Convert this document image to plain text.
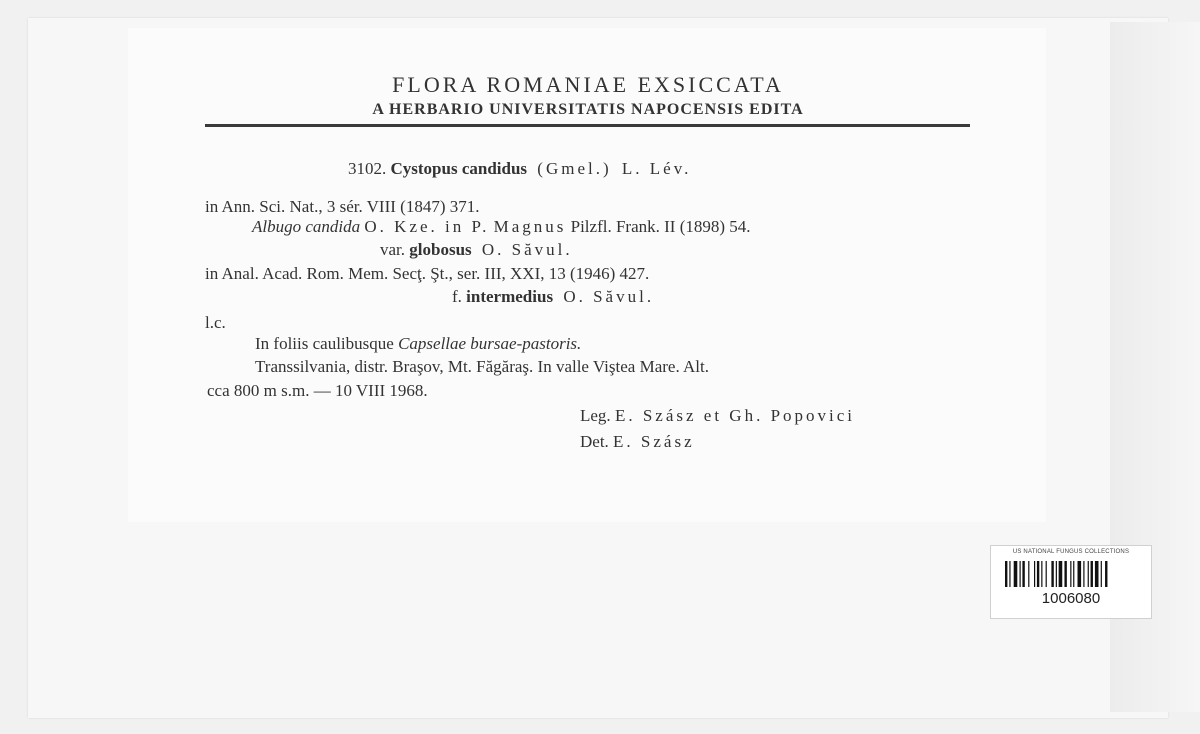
FLORA ROMANIAE EXSICCATA
A HERBARIO UNIVERSITATIS NAPOCENSIS EDITA
3102. Cystopus candidus (Gmel.) L. Lév.
in Ann. Sci. Nat., 3 sér. VIII (1847) 371.
Albugo candida O. Kze. in P. Magnus Pilzfl. Frank. II (1898) 54.
var. globosus O. Săvul.
in Anal. Acad. Rom. Mem. Secţ. Şt., ser. III, XXI, 13 (1946) 427.
f. intermedius O. Săvul.
l.c.
In foliis caulibusque Capsellae bursae-pastoris.
Transsilvania, distr. Braşov, Mt. Făgăraş. In valle Viştea Mare. Alt.
cca 800 m s.m. — 10 VIII 1968.
Leg. E. Szász et Gh. Popovici
Det. E. Szász
US NATIONAL FUNGUS COLLECTIONS
1006080
